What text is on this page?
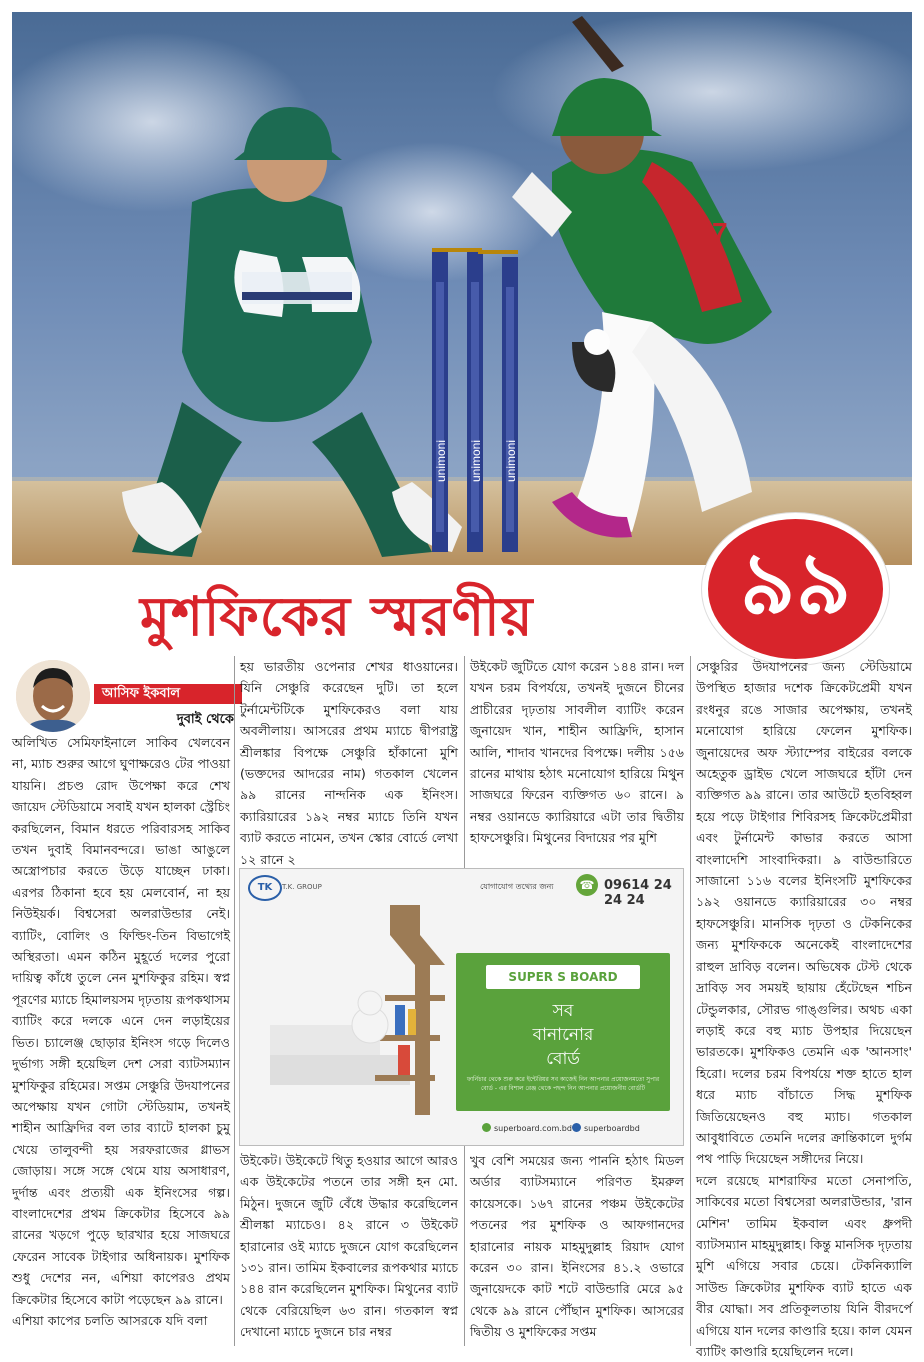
unimoni unimoni unimoni
7
মুশফিকের স্মরণীয়	৯৯
আসিফ ইকবাল
দুবাই থেকে

অলিখিত সেমিফাইনালে সাকিব খেলবেন না, ম্যাচ শুরুর আগে ঘুণাক্ষরেও টের পাওয়া যায়নি। প্রচণ্ড রোদ উপেক্ষা করে শেখ জায়েদ স্টেডিয়ামে সবাই যখন হালকা স্ট্রেচিং করছিলেন, বিমান ধরতে পরিবারসহ সাকিব তখন দুবাই বিমানবন্দরে। ভাঙা আঙুলে অস্ত্রোপচার করতে উড়ে যাচ্ছেন ঢাকা। এরপর ঠিকানা হবে হয় মেলবোর্ন, না হয় নিউইয়র্ক। বিশ্বসেরা অলরাউন্ডার নেই। ব্যাটিং, বোলিং ও ফিল্ডিং-তিন বিভাগেই অস্থিরতা। এমন কঠিন মুহূর্তে দলের পুরো দায়িত্ব কাঁধে তুলে নেন মুশফিকুর রহিম। স্বপ্ন পূরণের ম্যাচে হিমালয়সম দৃঢ়তায় রূপকথাসম ব্যাটিং করে দলকে এনে দেন লড়াইয়ের ভিত। চ্যালেঞ্জ ছোড়ার ইনিংস গড়ে দিলেও দুর্ভাগ্য সঙ্গী হয়েছিল দেশ সেরা ব্যাটসম্যান মুশফিকুর রহিমের। সপ্তম সেঞ্চুরি উদযাপনের অপেক্ষায় যখন গোটা স্টেডিয়াম, তখনই শাহীন আফ্রিদির বল তার ব্যাটে হালকা চুমু খেয়ে তালুবন্দী হয় সরফরাজের গ্লাভস জোড়ায়। সঙ্গে সঙ্গে থেমে যায় অসাধারণ, দুর্দান্ত এবং প্রত্যয়ী এক ইনিংসের গল্প। বাংলাদেশের প্রথম ক্রিকেটার হিসেবে ৯৯ রানের খড়গে পুড়ে ছারখার হয়ে সাজঘরে ফেরেন সাবেক টাইগার অধিনায়ক। মুশফিক শুধু দেশের নন, এশিয়া কাপেরও প্রথম ক্রিকেটার হিসেবে কাটা পড়েছেন ৯৯ রানে।

এশিয়া কাপের চলতি আসরকে যদি বলা

হয় ভারতীয় ওপেনার শেখর ধাওয়ানের। যিনি সেঞ্চুরি করেছেন দুটি। তা হলে টুর্নামেন্টটিকে মুশফিকেরও বলা যায় অবলীলায়। আসরের প্রথম ম্যাচে দ্বীপরাষ্ট্র শ্রীলঙ্কার বিপক্ষে সেঞ্চুরি হাঁকানো মুশি (ভক্তদের আদরের নাম) গতকাল খেলেন ৯৯ রানের নান্দনিক এক ইনিংস। ক্যারিয়ারের ১৯২ নম্বর ম্যাচে তিনি যখন ব্যাট করতে নামেন, তখন স্কোর বোর্ডে লেখা ১২ রানে ২

উইকেট জুটিতে যোগ করেন ১৪৪ রান। দল যখন চরম বিপর্যয়ে, তখনই দুজনে চীনের প্রাচীরের দৃঢ়তায় সাবলীল ব্যাটিং করেন জুনায়েদ খান, শাহীন আফ্রিদি, হাসান আলি, শাদাব খানদের বিপক্ষে। দলীয় ১৫৬ রানের মাথায় হঠাৎ মনোযোগ হারিয়ে মিথুন সাজঘরে ফিরেন ব্যক্তিগত ৬০ রানে। ৯ নম্বর ওয়ানডে ক্যারিয়ারে এটা তার দ্বিতীয় হাফসেঞ্চুরি। মিথুনের বিদায়ের পর মুশি

সেঞ্চুরির উদযাপনের জন্য স্টেডিয়ামে উপস্থিত হাজার দশেক ক্রিকেটপ্রেমী যখন রংধনুর রঙে সাজার অপেক্ষায়, তখনই মনোযোগ হারিয়ে ফেলেন মুশফিক। জুনায়েদের অফ স্ট্যাম্পের বাইরের বলকে অহেতুক ড্রাইভ খেলে সাজঘরে হাঁটা দেন ব্যক্তিগত ৯৯ রানে। তার আউটে হতবিহ্বল হয়ে পড়ে টাইগার শিবিরসহ ক্রিকেটপ্রেমীরা এবং টুর্নামেন্ট কাভার করতে আসা বাংলাদেশি সাংবাদিকরা। ৯ বাউন্ডারিতে সাজানো ১১৬ বলের ইনিংসটি মুশফিকের ১৯২ ওয়ানডে ক্যারিয়ারের ৩০ নম্বর হাফসেঞ্চুরি। মানসিক দৃঢ়তা ও টেকনিকের জন্য মুশফিককে অনেকেই বাংলাদেশের রাহুল দ্রাবিড় বলেন। অভিষেক টেস্ট থেকে দ্রাবিড় সব সময়ই ছায়ায় হেঁটেছেন শচিন টেন্ডুলকার, সৌরভ গাঙ্গুলির। অথচ একা লড়াই করে বহু ম্যাচ উপহার দিয়েছেন ভারতকে। মুশফিকও তেমনি এক 'আনসাং' হিরো। দলের চরম বিপর্যয়ে শক্ত হাতে হাল ধরে ম্যাচ বাঁচাতে সিদ্ধ মুশফিক জিতিয়েছেনও বহু ম্যাচ। গতকাল আবুধাবিতে তেমনি দলের ক্রান্তিকালে দুর্গম পথ পাড়ি দিয়েছেন সঙ্গীদের নিয়ে।

দলে রয়েছে মাশরাফির মতো সেনাপতি, সাকিবের মতো বিশ্বসেরা অলরাউন্ডার, 'রান মেশিন' তামিম ইকবাল এবং ধ্রুপদী ব্যাটসম্যান মাহমুদুল্লাহ। কিন্তু মানসিক দৃঢ়তায় মুশি এগিয়ে সবার চেয়ে। টেকনিক্যালি সাউন্ড ক্রিকেটার মুশফিক ব্যাট হাতে এক বীর যোদ্ধা। সব প্রতিকূলতায় যিনি বীরদর্পে এগিয়ে যান দলের কাণ্ডারি হয়ে। কাল যেমন ব্যাটিং কাণ্ডারি হয়েছিলেন দলে।

TK	T.K. GROUP	যোগাযোগ তথ্যের জন্য ☎ 09614 24 24 24
SUPER S BOARD
সব
বানানোর
বোর্ড
ফার্নিচার থেকে শুরু করে ইন্টেরিয়র সব কাজেই নিন আপনার প্রয়োজনমতো সুপার বোর্ড - এর বিশাল রেঞ্জ থেকে পছন্দ নিন আপনার প্রয়োজনীয় বোর্ডটি
superboard.com.bd	superboardbd

উইকেট। উইকেটে থিতু হওয়ার আগে আরও এক উইকেটের পতনে তার সঙ্গী হন মো. মিঠুন। দুজনে জুটি বেঁধে উদ্ধার করেছিলেন শ্রীলঙ্কা ম্যাচেও। ৪২ রানে ৩ উইকেট হারানোর ওই ম্যাচে দুজনে যোগ করেছিলেন ১৩১ রান। তামিম ইকবালের রূপকথার ম্যাচে ১৪৪ রান করেছিলেন মুশফিক। মিথুনের ব্যাট থেকে বেরিয়েছিল ৬৩ রান। গতকাল স্বপ্ন দেখানো ম্যাচে দুজনে চার নম্বর

খুব বেশি সময়ের জন্য পাননি হঠাৎ মিডল অর্ডার ব্যাটসম্যানে পরিণত ইমরুল কায়েসকে। ১৬৭ রানের পঞ্চম উইকেটের পতনের পর মুশফিক ও আফগানদের হারানোর নায়ক মাহমুদুল্লাহ রিয়াদ যোগ করেন ৩০ রান। ইনিংসের ৪১.২ ওভারে জুনায়েদকে কাট শটে বাউন্ডারি মেরে ৯৫ থেকে ৯৯ রানে পৌঁছান মুশফিক। আসরের দ্বিতীয় ও মুশফিকের সপ্তম
